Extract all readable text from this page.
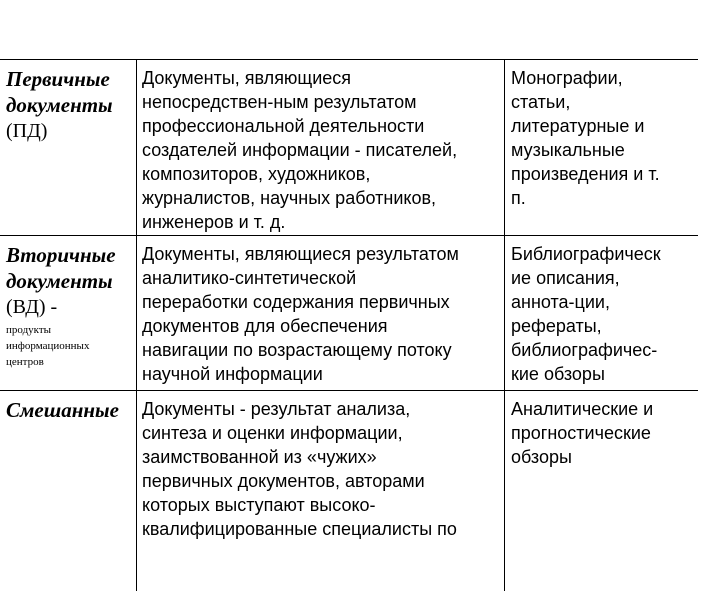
Первичные
документы
(ПД)
Документы, являющиеся
непосредствен-ным результатом
профессиональной деятельности
создателей информации - писателей,
композиторов, художников,
журналистов, научных работников,
инженеров и т. д.
Монографии,
статьи,
литературные и
музыкальные
произведения и т.
п.
Вторичные
документы
(ВД) -
продукты
информационных
центров
Документы, являющиеся результатом
аналитико-синтетической
переработки содержания первичных
документов для обеспечения
навигации по возрастающему потоку
научной информации
Библиографическ
ие описания,
аннота-ции,
рефераты,
библиографичес-
кие обзоры
Смешанные	Документы - результат анализа,
синтеза и оценки информации,
заимствованной из «чужих»
первичных документов, авторами
которых выступают высоко-
квалифицированные специалисты по
Аналитические и
прогностические
обзоры
